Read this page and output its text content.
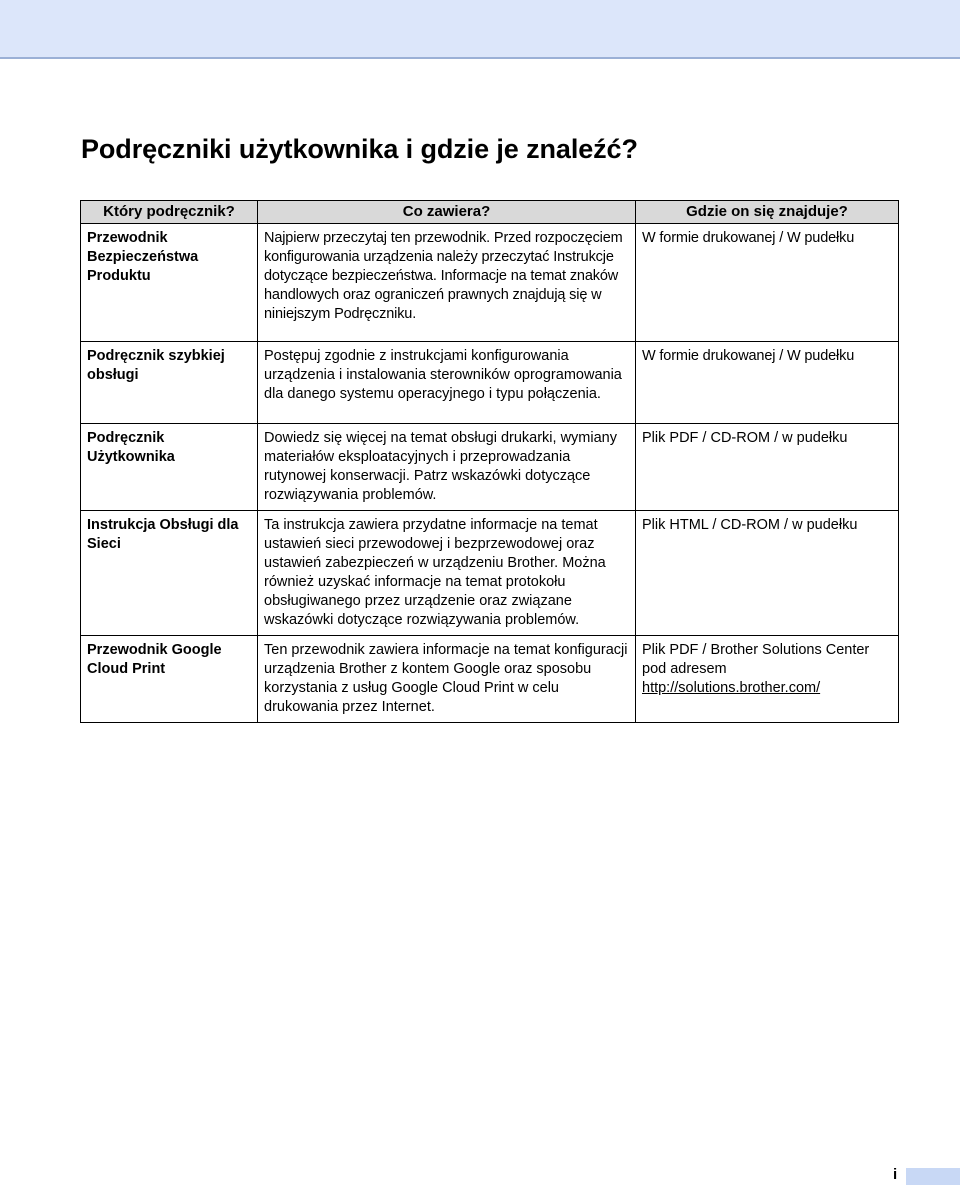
Podręczniki użytkownika i gdzie je znaleźć?
Który podręcznik?	Co zawiera?	Gdzie on się znajduje?

Przewodnik Bezpieczeństwa Produktu	Najpierw przeczytaj ten przewodnik. Przed rozpoczęciem konfigurowania urządzenia należy przeczytać Instrukcje dotyczące bezpieczeństwa. Informacje na temat znaków handlowych oraz ograniczeń prawnych znajdują się w niniejszym Podręczniku.	W formie drukowanej / W pudełku

Podręcznik szybkiej obsługi	Postępuj zgodnie z instrukcjami konfigurowania urządzenia i instalowania sterowników oprogramowania dla danego systemu operacyjnego i typu połączenia.	W formie drukowanej / W pudełku

Podręcznik Użytkownika	Dowiedz się więcej na temat obsługi drukarki, wymiany materiałów eksploatacyjnych i przeprowadzania rutynowej konserwacji. Patrz wskazówki dotyczące rozwiązywania problemów.	Plik PDF / CD-ROM / w pudełku

Instrukcja Obsługi dla Sieci	Ta instrukcja zawiera przydatne informacje na temat ustawień sieci przewodowej i bezprzewodowej oraz ustawień zabezpieczeń w urządzeniu Brother. Można również uzyskać informacje na temat protokołu obsługiwanego przez urządzenie oraz związane wskazówki dotyczące rozwiązywania problemów.	Plik HTML / CD-ROM / w pudełku

Przewodnik Google Cloud Print	Ten przewodnik zawiera informacje na temat konfiguracji urządzenia Brother z kontem Google oraz sposobu korzystania z usług Google Cloud Print w celu drukowania przez Internet.	Plik PDF / Brother Solutions Center pod adresem
http://solutions.brother.com/
i
